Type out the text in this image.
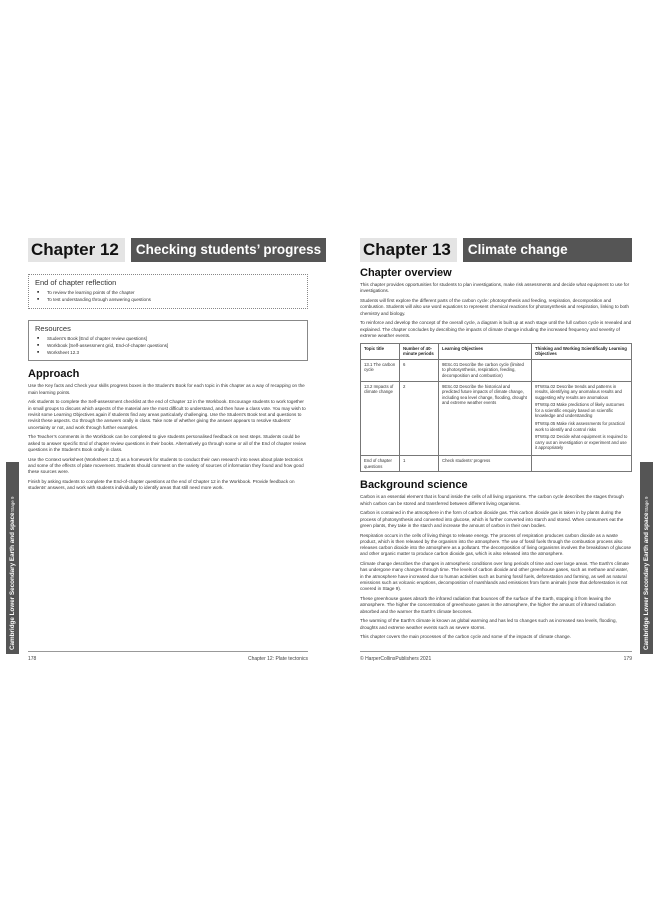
Chapter 12	Checking students’ progress
End of chapter reflection
■ To review the learning points of the chapter
■ To test understanding through answering questions
Resources
■ Student’s Book [End of chapter review questions]
■ Workbook [Self-assessment grid, End-of-chapter questions]
■ Worksheet 12.3
Approach

Use the Key facts and Check your skills progress boxes in the Student’s Book for each topic in this chapter as a way of recapping on the main learning points.

Ask students to complete the Self-assessment checklist at the end of Chapter 12 in the Workbook. Encourage students to work together in small groups to discuss which aspects of the material are the most difficult to understand, and then have a class vote. You may wish to revisit some Learning Objectives again if students find any areas particularly challenging. Use the Student’s Book text and questions to revisit these aspects. Go through the answers orally in class. Take note of whether giving the answer appears to resolve students’ uncertainty or not, and work through further examples.

The Teacher’s comments in the Workbook can be completed to give students personalised feedback on next steps. Students could be asked to answer specific End of chapter review questions in their books. Alternatively go through some or all of the End of chapter review questions in the Student’s Book orally in class.

Use the Context worksheet (Worksheet 12.3) as a homework for students to conduct their own research into news about plate tectonics and some of the effects of plate movement. Students should comment on the variety of sources of information they found and how good these sources were.

Finish by asking students to complete the End-of-chapter questions at the end of Chapter 12 in the Workbook. Provide feedback on students’ answers, and work with students individually to identify areas that still need more work.

178	Chapter 12: Plate tectonics
Cambridge Lower Secondary Earth and space
Stage 9
Chapter 13	Climate change
Chapter overview

This chapter provides opportunities for students to plan investigations, make risk assessments and decide what equipment to use for investigations.

Students will first explore the different parts of the carbon cycle: photosynthesis and feeding, respiration, decomposition and combustion. Students will also use word equations to represent chemical reactions for photosynthesis and respiration, linking to both chemistry and biology.

To reinforce and develop the concept of the overall cycle, a diagram is built up at each stage until the full carbon cycle is revealed and explained. The chapter concludes by describing the impacts of climate change including the increased frequency and severity of extreme weather events.

Topic title	Number of 40-minute periods	Learning Objectives	Thinking and Working Scientifically Learning Objectives
13.1 The carbon cycle	6	9ESc.01 Describe the carbon cycle (limited to photosynthesis, respiration, feeding, decomposition and combustion)	
13.2 Impacts of climate change	2	9ESc.02 Describe the historical and predicted future impacts of climate change, including sea level change, flooding, drought and extreme weather events	9TWSa.02 Describe trends and patterns in results, identifying any anomalous results and suggesting why results are anomalous
9TWSp.03 Make predictions of likely outcomes for a scientific enquiry based on scientific knowledge and understanding
9TWSp.05 Make risk assessments for practical work to identify and control risks
9TWSp.02 Decide what equipment is required to carry out an investigation or experiment and use it appropriately

End of chapter questions	1	Check students’ progress	
Background science

Carbon is an essential element that is found inside the cells of all living organisms. The carbon cycle describes the stages through which carbon can be stored and transferred between different living organisms.

Carbon is contained in the atmosphere in the form of carbon dioxide gas. This carbon dioxide gas is taken in by plants during the process of photosynthesis and converted into glucose, which is further converted into starch and stored. When consumers eat the green plants, they take in the starch and increase the amount of carbon in their own bodies.

Respiration occurs in the cells of living things to release energy. The process of respiration produces carbon dioxide as a waste product, which is then released by the organism into the atmosphere. The use of fossil fuels through the combustion process also releases carbon dioxide into the atmosphere as a pollutant. The decomposition of living organisms involves the breakdown of glucose and other organic matter to produce carbon dioxide gas, which is also released into the atmosphere.

Climate change describes the changes in atmospheric conditions over long periods of time and over large areas. The Earth’s climate has undergone many changes through time. The levels of carbon dioxide and other greenhouse gases, such as methane and water, in the atmosphere have increased due to human activities such as burning fossil fuels, deforestation and farming, as well as natural emissions such as volcanic eruptions, decomposition of marshlands and emissions from farm animals (note that deforestation is not covered in Stage 9).

These greenhouse gases absorb the infrared radiation that bounces off the surface of the Earth, stopping it from leaving the atmosphere. The higher the concentration of greenhouse gases in the atmosphere, the higher the amount of infrared radiation absorbed and the warmer the Earth’s climate becomes.

The warming of the Earth’s climate is known as global warming and has led to changes such as increased sea levels, flooding, droughts and extreme weather events such as severe storms.

This chapter covers the main processes of the carbon cycle and some of the impacts of climate change.

© HarperCollinsPublishers 2021	179
Cambridge Lower Secondary Earth and space
Stage 9
